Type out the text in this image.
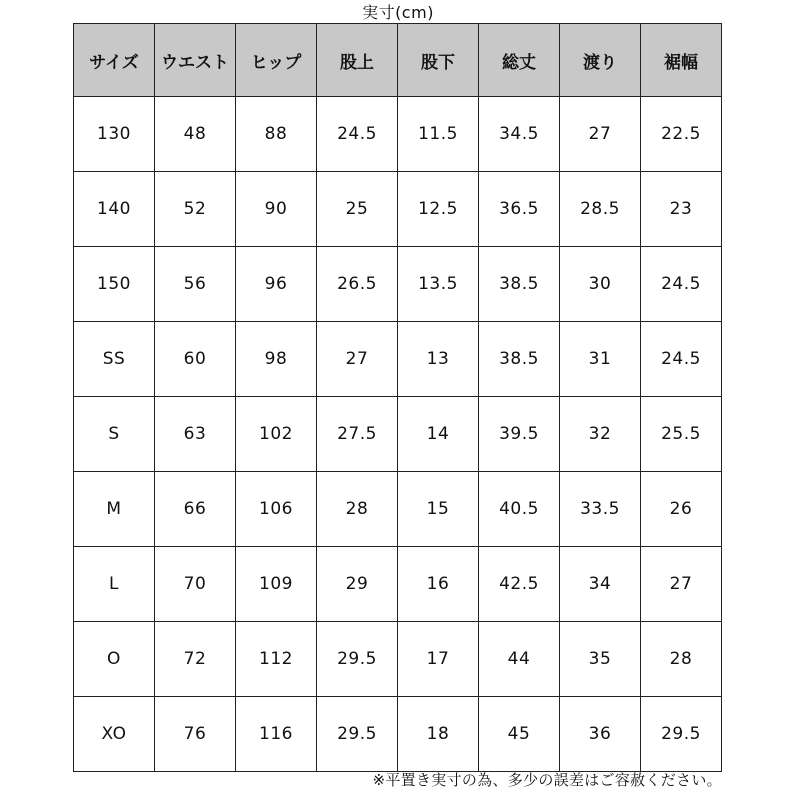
実寸(cm)
サイズ	ウエスト	ヒップ	股上	股下	総丈	渡り	裾幅
130	48	88	24.5	11.5	34.5	27	22.5
140	52	90	25	12.5	36.5	28.5	23
150	56	96	26.5	13.5	38.5	30	24.5
SS	60	98	27	13	38.5	31	24.5
S	63	102	27.5	14	39.5	32	25.5
M	66	106	28	15	40.5	33.5	26
L	70	109	29	16	42.5	34	27
O	72	112	29.5	17	44	35	28
XO	76	116	29.5	18	45	36	29.5
※平置き実寸の為、多少の誤差はご容赦ください。
